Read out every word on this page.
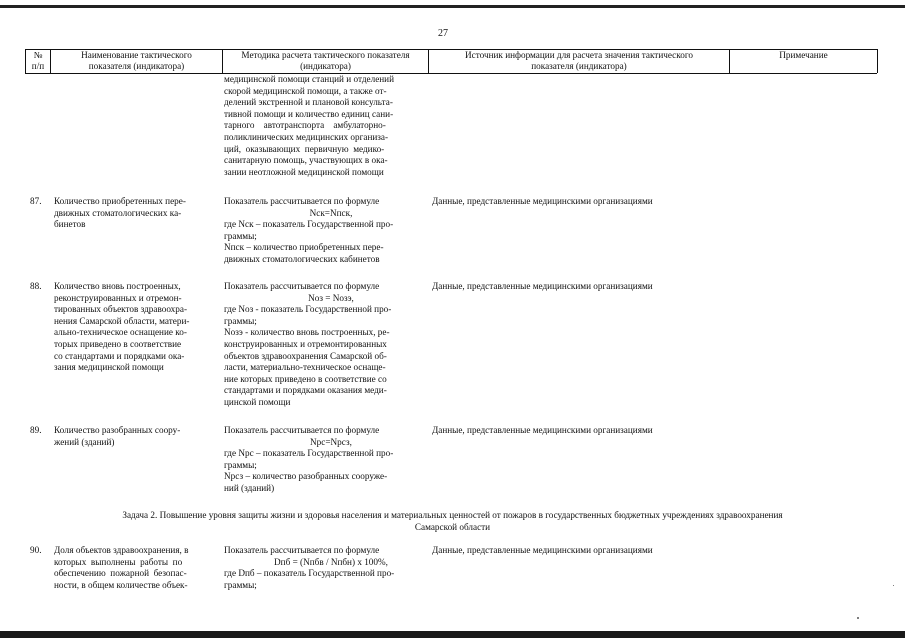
27
№
п/п
Наименование тактического
показателя (индикатора)
Методика расчета тактического показателя
(индикатора)
Источник информации для расчета значения тактического
показателя (индикатора)
Примечание
медицинской помощи станций и отделений
скорой медицинской помощи, а также от-
делений экстренной и плановой консульта-
тивной помощи и количество единиц сани-
тарного    автотранспорта    амбулаторно-
поликлинических медицинских организа-
ций,  оказывающих  первичную  медико-
санитарную помощь, участвующих в ока-
зании неотложной медицинской помощи
87. Количество приобретенных пере-
движных стоматологических ка-
бинетов
Показатель рассчитывается по формуле
Nск=Nпск,
где Nск – показатель Государственной про-
граммы;
Nпск – количество приобретенных пере-
движных стоматологических кабинетов
Данные, представленные медицинскими организациями
88. Количество вновь построенных,
реконструированных и отремон-
тированных объектов здравоохра-
нения Самарской области, матери-
ально-техническое оснащение ко-
торых приведено в соответствие
со стандартами и порядками ока-
зания медицинской помощи
Показатель рассчитывается по формуле
Nоз = Nозэ,
где Nоз - показатель Государственной про-
граммы;
Nозэ - количество вновь построенных, ре-
конструированных и отремонтированных
объектов здравоохранения Самарской об-
ласти, материально-техническое оснаще-
ние которых приведено в соответствие со
стандартами и порядками оказания меди-
цинской помощи
Данные, представленные медицинскими организациями
89. Количество разобранных соору-
жений (зданий)
Показатель рассчитывается по формуле
Nрс=Nрсз,
где Nрс – показатель Государственной про-
граммы;
Nрсз – количество разобранных сооруже-
ний (зданий)
Данные, представленные медицинскими организациями
Задача 2. Повышение уровня защиты жизни и здоровья населения и материальных ценностей от пожаров в государственных бюджетных учреждениях здравоохранения
Самарской области
90. Доля объектов здравоохранения, в
которых  выполнены  работы  по
обеспечению  пожарной  безопас-
ности, в общем количестве объек-
Показатель рассчитывается по формуле
Dпб = (Nпбв / Nпбн) х 100%,
где Dпб – показатель Государственной про-
граммы;
Данные, представленные медицинскими организациями
